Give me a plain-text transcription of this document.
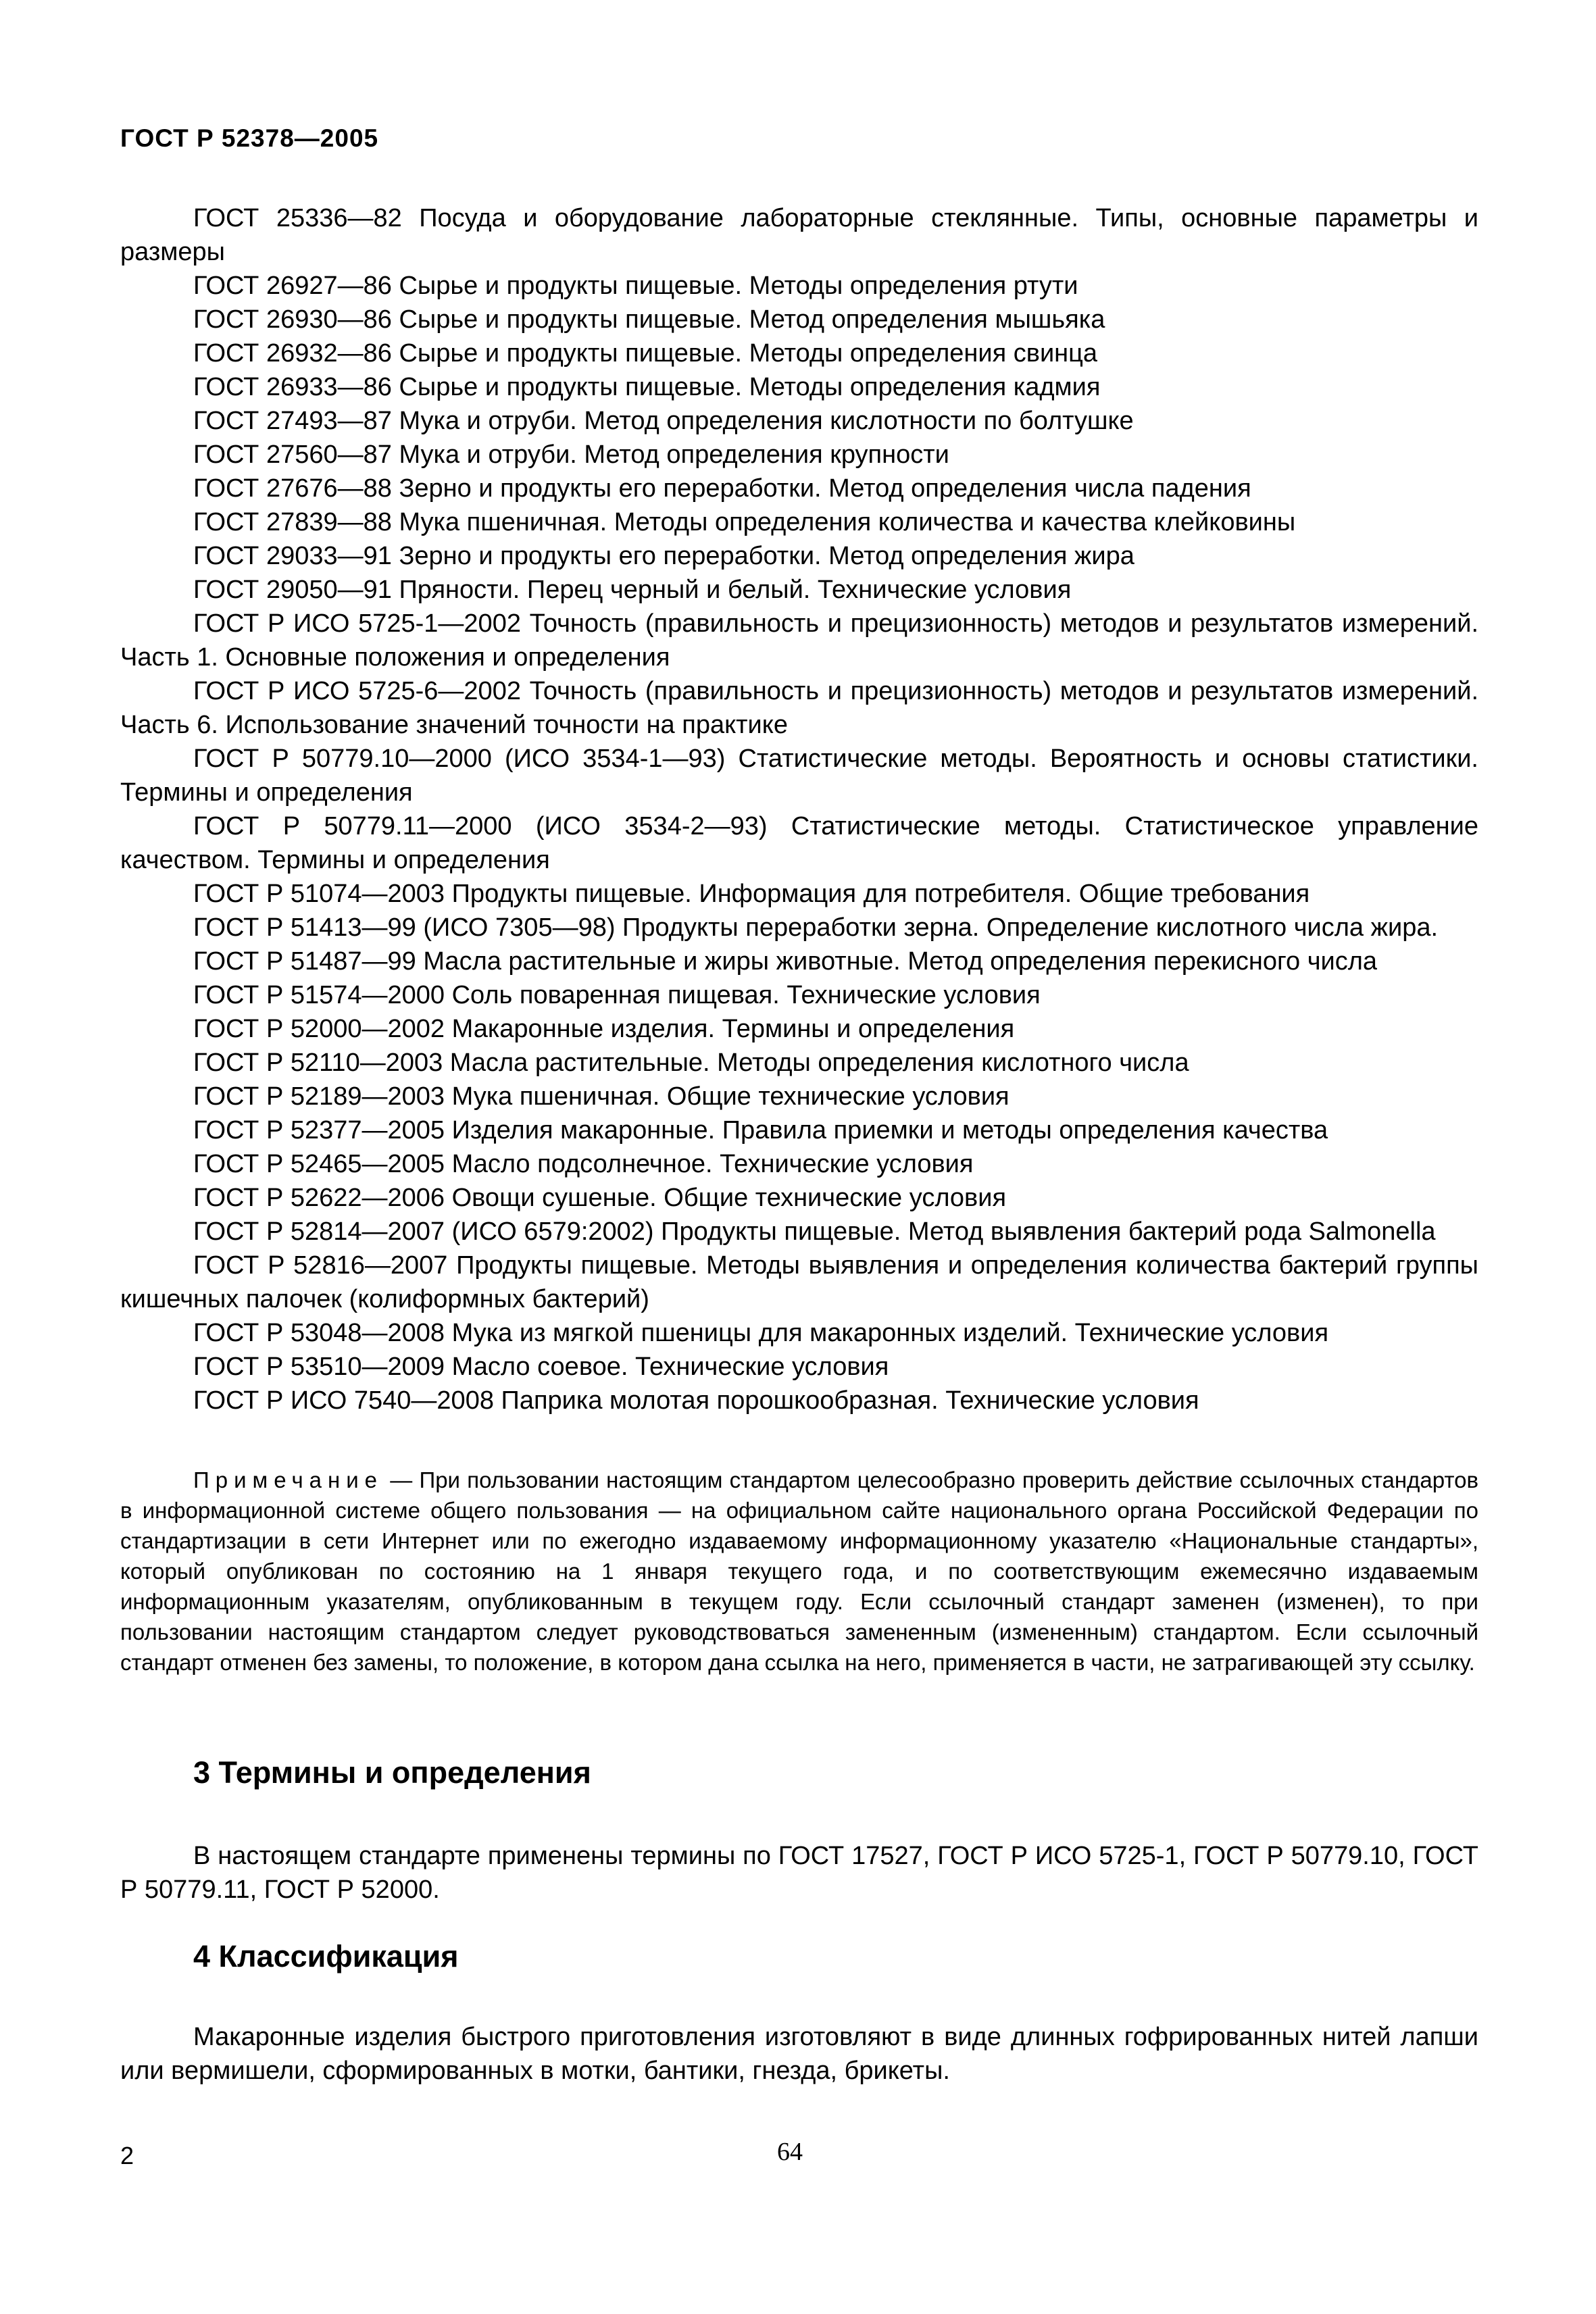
ГОСТ Р 52378—2005

ГОСТ 25336—82 Посуда и оборудование лабораторные стеклянные. Типы, основные параметры и размеры

ГОСТ 26927—86 Сырье и продукты пищевые. Методы определения ртути

ГОСТ 26930—86 Сырье и продукты пищевые. Метод определения мышьяка

ГОСТ 26932—86 Сырье и продукты пищевые. Методы определения свинца

ГОСТ 26933—86 Сырье и продукты пищевые. Методы определения кадмия

ГОСТ 27493—87 Мука и отруби. Метод определения кислотности по болтушке

ГОСТ 27560—87 Мука и отруби. Метод определения крупности

ГОСТ 27676—88 Зерно и продукты его переработки. Метод определения числа падения

ГОСТ 27839—88 Мука пшеничная. Методы определения количества и качества клейковины

ГОСТ 29033—91 Зерно и продукты его переработки. Метод определения жира

ГОСТ 29050—91 Пряности. Перец черный и белый. Технические условия

ГОСТ Р ИСО 5725-1—2002 Точность (правильность и прецизионность) методов и результатов измерений. Часть 1. Основные положения и определения

ГОСТ Р ИСО 5725-6—2002 Точность (правильность и прецизионность) методов и результатов измерений. Часть 6. Использование значений точности на практике

ГОСТ Р 50779.10—2000 (ИСО 3534-1—93) Статистические методы. Вероятность и основы статистики. Термины и определения

ГОСТ Р 50779.11—2000 (ИСО 3534-2—93) Статистические методы. Статистическое управление качеством. Термины и определения

ГОСТ Р 51074—2003 Продукты пищевые. Информация для потребителя. Общие требования

ГОСТ Р 51413—99 (ИСО 7305—98) Продукты переработки зерна. Определение кислотного числа жира.

ГОСТ Р 51487—99 Масла растительные и жиры животные. Метод определения перекисного числа

ГОСТ Р 51574—2000 Соль поваренная пищевая. Технические условия

ГОСТ Р 52000—2002 Макаронные изделия. Термины и определения

ГОСТ Р 52110—2003 Масла растительные. Методы определения кислотного числа

ГОСТ Р 52189—2003 Мука пшеничная. Общие технические условия

ГОСТ Р 52377—2005 Изделия макаронные. Правила приемки и методы определения качества

ГОСТ Р 52465—2005 Масло подсолнечное. Технические условия

ГОСТ Р 52622—2006 Овощи сушеные. Общие технические условия

ГОСТ Р 52814—2007 (ИСО 6579:2002) Продукты пищевые. Метод выявления бактерий рода Salmonella

ГОСТ Р 52816—2007 Продукты пищевые. Методы выявления и определения количества бактерий группы кишечных палочек (колиформных бактерий)

ГОСТ Р 53048—2008 Мука из мягкой пшеницы для макаронных изделий. Технические условия

ГОСТ Р 53510—2009 Масло соевое. Технические условия

ГОСТ Р ИСО 7540—2008 Паприка молотая порошкообразная. Технические условия

Примечание — При пользовании настоящим стандартом целесообразно проверить действие ссылочных стандартов в информационной системе общего пользования — на официальном сайте национального органа Российской Федерации по стандартизации в сети Интернет или по ежегодно издаваемому информационному указателю «Национальные стандарты», который опубликован по состоянию на 1 января текущего года, и по соответствующим ежемесячно издаваемым информационным указателям, опубликованным в текущем году. Если ссылочный стандарт заменен (изменен), то при пользовании настоящим стандартом следует руководствоваться замененным (измененным) стандартом. Если ссылочный стандарт отменен без замены, то положение, в котором дана ссылка на него, применяется в части, не затрагивающей эту ссылку.

3 Термины и определения

В настоящем стандарте применены термины по ГОСТ 17527, ГОСТ Р ИСО 5725-1, ГОСТ Р 50779.10, ГОСТ Р 50779.11, ГОСТ Р 52000.

4 Классификация

Макаронные изделия быстрого приготовления изготовляют в виде длинных гофрированных нитей лапши или вермишели, сформированных в мотки, бантики, гнезда, брикеты.

2	64
